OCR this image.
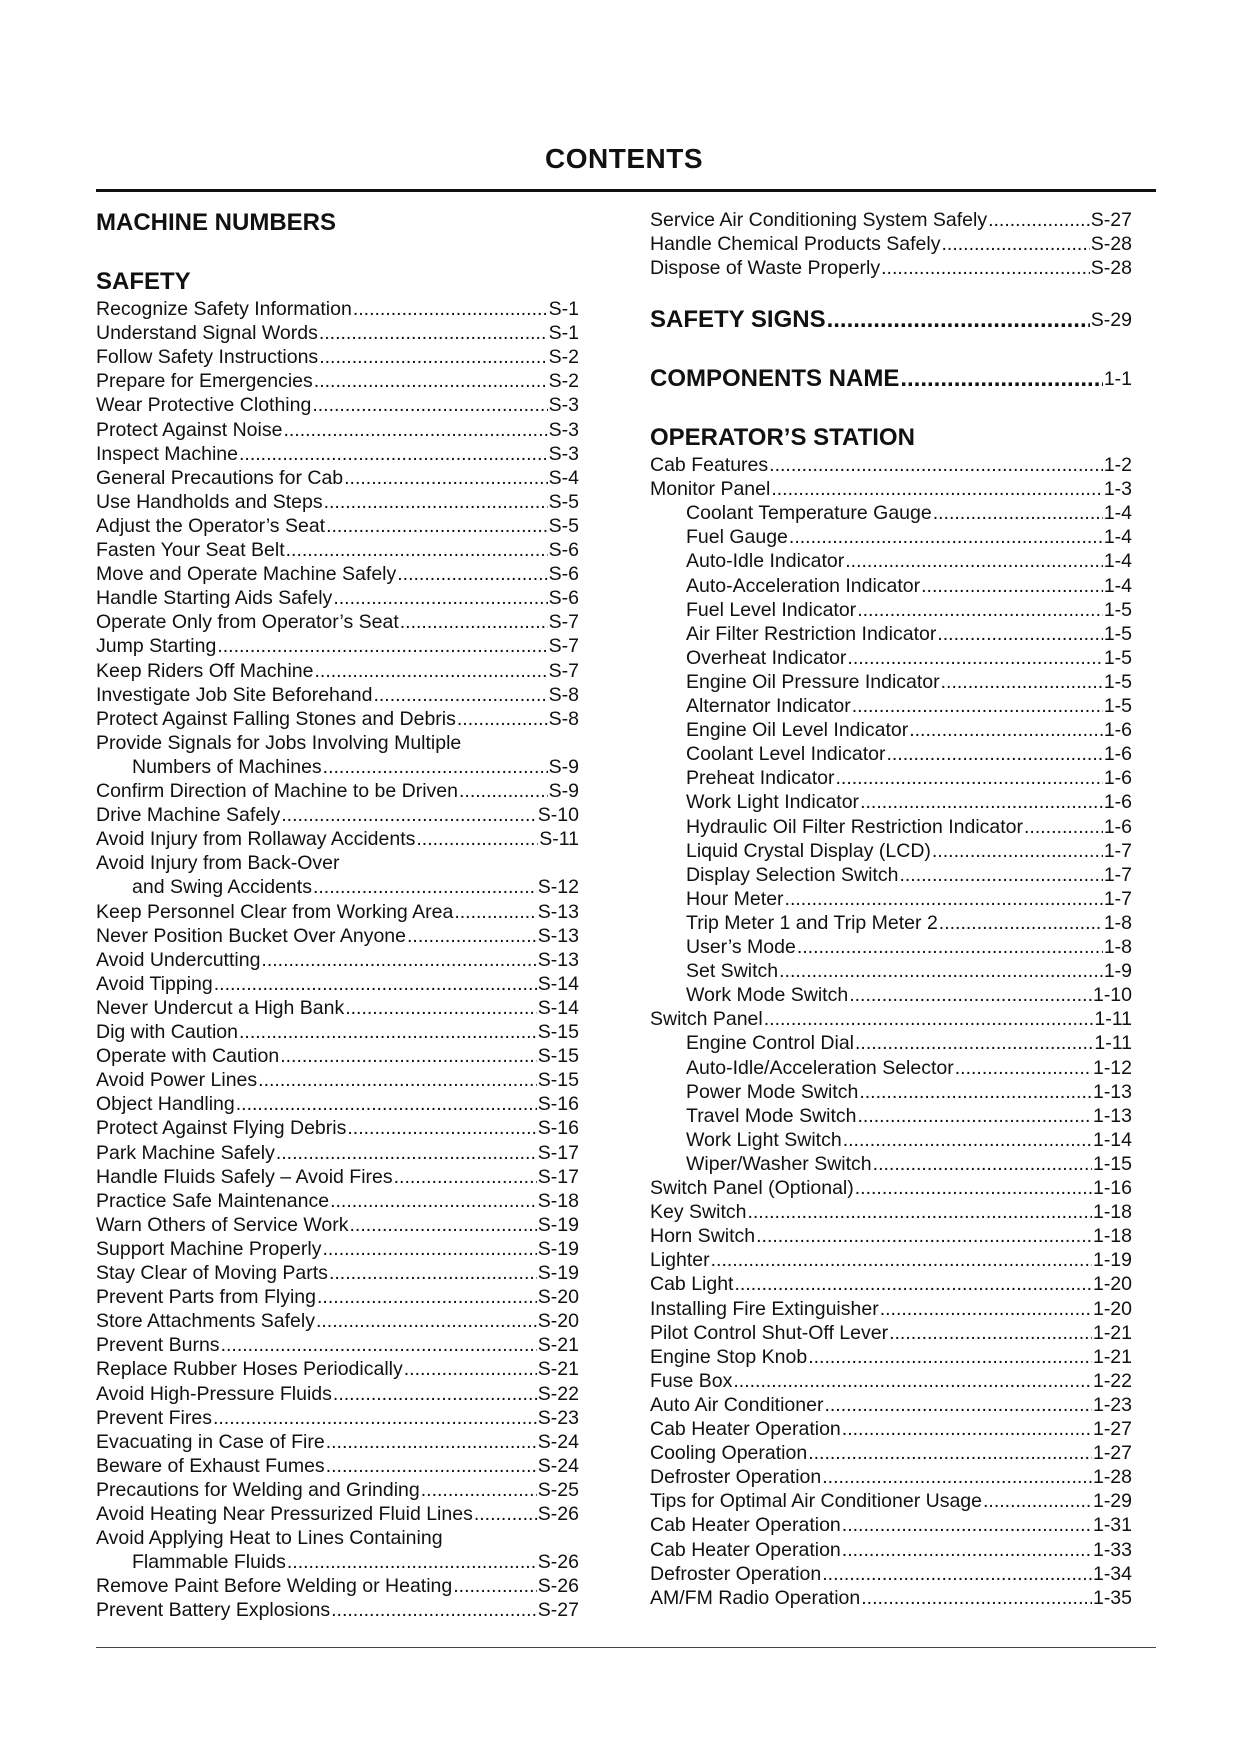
CONTENTS
MACHINE NUMBERS
SAFETY
Recognize Safety Information .....	S-1
Understand Signal Words .....	S-1
Follow Safety Instructions .....	S-2
Prepare for Emergencies .....	S-2
Wear Protective Clothing .....	S-3
Protect Against Noise .....	S-3
Inspect Machine .....	S-3
General Precautions for Cab .....	S-4
Use Handholds and Steps .....	S-5
Adjust the Operator’s Seat .....	S-5
Fasten Your Seat Belt .....	S-6
Move and Operate Machine Safely .....	S-6
Handle Starting Aids Safely .....	S-6
Operate Only from Operator’s Seat .....	S-7
Jump Starting .....	S-7
Keep Riders Off Machine .....	S-7
Investigate Job Site Beforehand .....	S-8
Protect Against Falling Stones and Debris .....	S-8
Provide Signals for Jobs Involving Multiple
Numbers of Machines .....	S-9
Confirm Direction of Machine to be Driven .....	S-9
Drive Machine Safely .....	S-10
Avoid Injury from Rollaway Accidents .....	S-11
Avoid Injury from Back-Over
and Swing Accidents .....	S-12
Keep Personnel Clear from Working Area .....	S-13
Never Position Bucket Over Anyone .....	S-13
Avoid Undercutting .....	S-13
Avoid Tipping .....	S-14
Never Undercut a High Bank .....	S-14
Dig with Caution .....	S-15
Operate with Caution .....	S-15
Avoid Power Lines .....	S-15
Object Handling .....	S-16
Protect Against Flying Debris .....	S-16
Park Machine Safely .....	S-17
Handle Fluids Safely – Avoid Fires .....	S-17
Practice Safe Maintenance .....	S-18
Warn Others of Service Work .....	S-19
Support Machine Properly .....	S-19
Stay Clear of Moving Parts .....	S-19
Prevent Parts from Flying .....	S-20
Store Attachments Safely .....	S-20
Prevent Burns .....	S-21
Replace Rubber Hoses Periodically .....	S-21
Avoid High-Pressure Fluids .....	S-22
Prevent Fires .....	S-23
Evacuating in Case of Fire .....	S-24
Beware of Exhaust Fumes .....	S-24
Precautions for Welding and Grinding .....	S-25
Avoid Heating Near Pressurized Fluid Lines .....	S-26
Avoid Applying Heat to Lines Containing
Flammable Fluids .....	S-26
Remove Paint Before Welding or Heating .....	S-26
Prevent Battery Explosions .....	S-27
Service Air Conditioning System Safely .....	S-27
Handle Chemical Products Safely .....	S-28
Dispose of Waste Properly .....	S-28
SAFETY SIGNS .....	S-29
COMPONENTS NAME .....	1-1
OPERATOR’S STATION
Cab Features .....	1-2
Monitor Panel .....	1-3
Coolant Temperature Gauge .....	1-4
Fuel Gauge .....	1-4
Auto-Idle Indicator .....	1-4
Auto-Acceleration Indicator .....	1-4
Fuel Level Indicator .....	1-5
Air Filter Restriction Indicator .....	1-5
Overheat Indicator .....	1-5
Engine Oil Pressure Indicator .....	1-5
Alternator Indicator .....	1-5
Engine Oil Level Indicator .....	1-6
Coolant Level Indicator .....	1-6
Preheat Indicator .....	1-6
Work Light Indicator .....	1-6
Hydraulic Oil Filter Restriction Indicator .....	1-6
Liquid Crystal Display (LCD) .....	1-7
Display Selection Switch .....	1-7
Hour Meter .....	1-7
Trip Meter 1 and Trip Meter 2 .....	1-8
User’s Mode .....	1-8
Set Switch .....	1-9
Work Mode Switch .....	1-10
Switch Panel .....	1-11
Engine Control Dial .....	1-11
Auto-Idle/Acceleration Selector .....	1-12
Power Mode Switch .....	1-13
Travel Mode Switch .....	1-13
Work Light Switch .....	1-14
Wiper/Washer Switch .....	1-15
Switch Panel (Optional) .....	1-16
Key Switch .....	1-18
Horn Switch .....	1-18
Lighter .....	1-19
Cab Light .....	1-20
Installing Fire Extinguisher .....	1-20
Pilot Control Shut-Off Lever .....	1-21
Engine Stop Knob .....	1-21
Fuse Box .....	1-22
Auto Air Conditioner .....	1-23
Cab Heater Operation .....	1-27
Cooling Operation .....	1-27
Defroster Operation .....	1-28
Tips for Optimal Air Conditioner Usage .....	1-29
Cab Heater Operation .....	1-31
Cab Heater Operation .....	1-33
Defroster Operation .....	1-34
AM/FM Radio Operation .....	1-35
